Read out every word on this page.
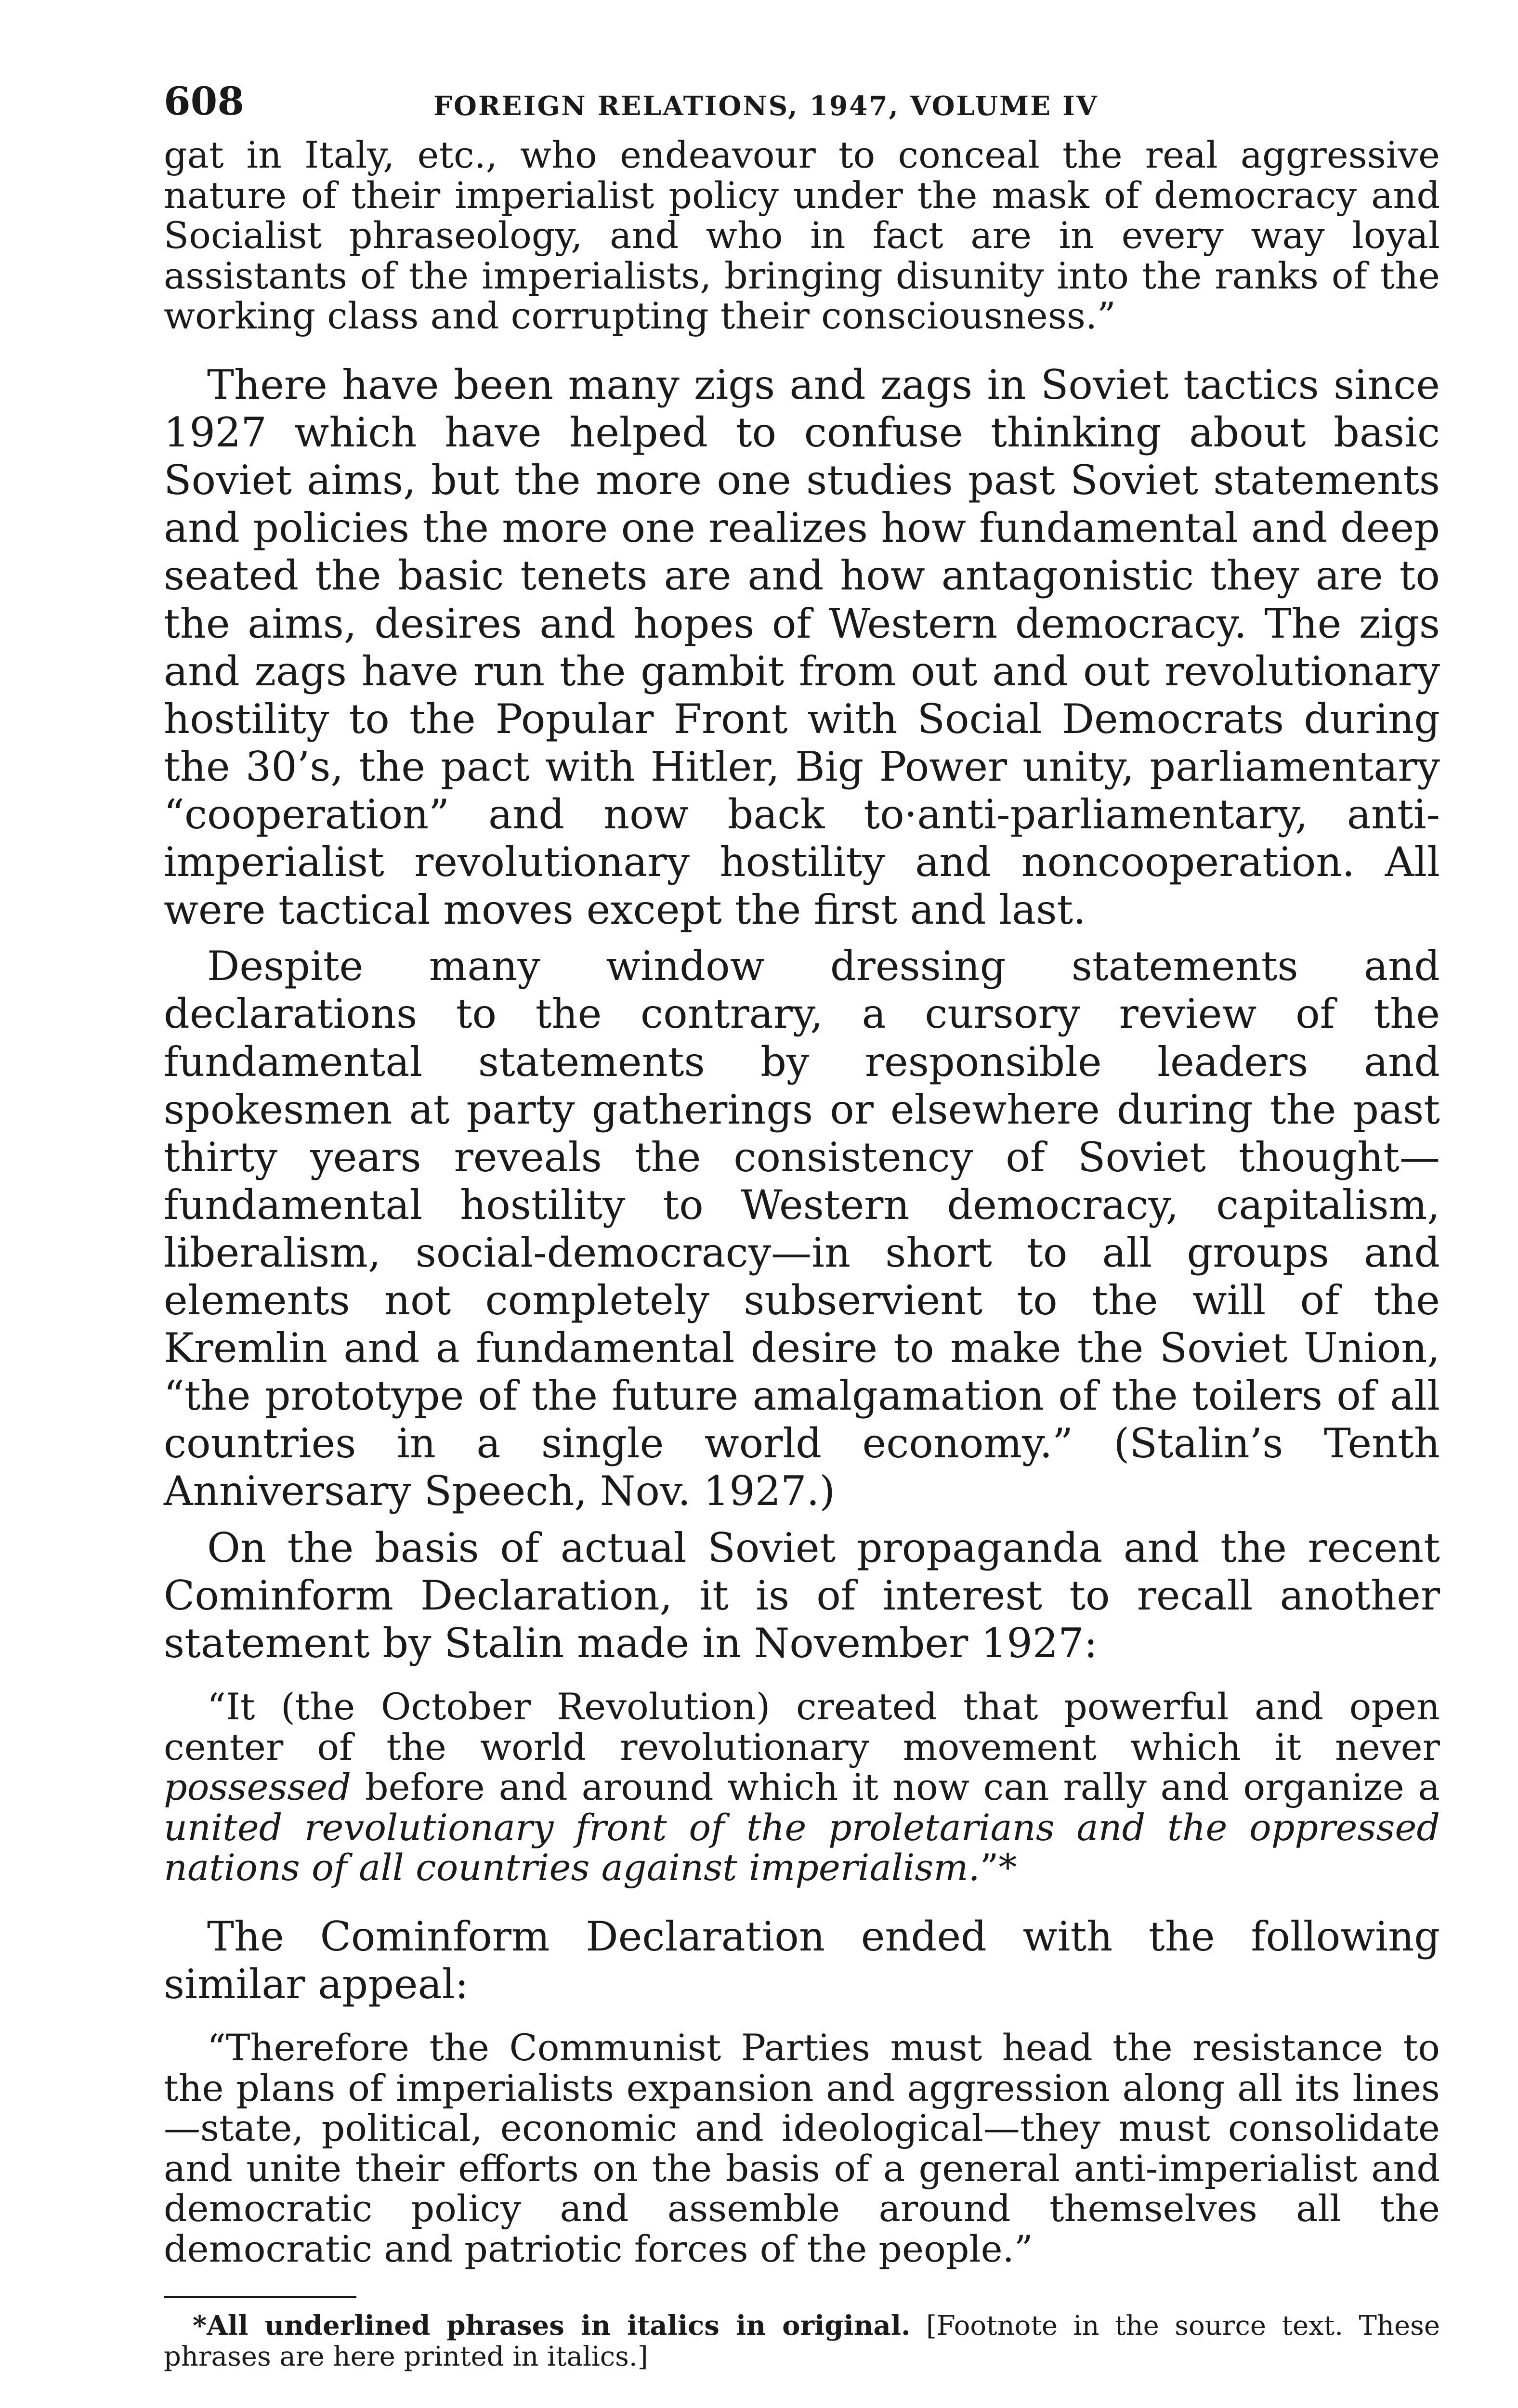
608	FOREIGN RELATIONS, 1947, VOLUME IV

gat in Italy, etc., who endeavour to conceal the real aggressive nature of their imperialist policy under the mask of democracy and Socialist phraseology, and who in fact are in every way loyal assistants of the imperialists, bringing disunity into the ranks of the working class and corrupting their consciousness.”

There have been many zigs and zags in Soviet tactics since 1927 which have helped to confuse thinking about basic Soviet aims, but the more one studies past Soviet statements and policies the more one realizes how fundamental and deep seated the basic tenets are and how antagonistic they are to the aims, desires and hopes of Western democracy. The zigs and zags have run the gambit from out and out revolutionary hostility to the Popular Front with Social Democrats during the 30’s, the pact with Hitler, Big Power unity, parliamentary “cooperation” and now back to·anti-parliamentary, anti-imperialist revolutionary hostility and noncooperation. All were tactical moves except the first and last.

Despite many window dressing statements and declarations to the contrary, a cursory review of the fundamental statements by responsible leaders and spokesmen at party gatherings or elsewhere during the past thirty years reveals the consistency of Soviet thought—fundamental hostility to Western democracy, capitalism, liberalism, social-democracy—in short to all groups and elements not completely subservient to the will of the Kremlin and a fundamental desire to make the Soviet Union, “the prototype of the future amalgamation of the toilers of all countries in a single world economy.” (Stalin’s Tenth Anniversary Speech, Nov. 1927.)

On the basis of actual Soviet propaganda and the recent Cominform Declaration, it is of interest to recall another statement by Stalin made in November 1927:

“It (the October Revolution) created that powerful and open center of the world revolutionary movement which it never possessed before and around which it now can rally and organize a united revolutionary front of the proletarians and the oppressed nations of all countries against imperialism.”*

The Cominform Declaration ended with the following similar appeal:

“Therefore the Communist Parties must head the resistance to the plans of imperialists expansion and aggression along all its lines—state, political, economic and ideological—they must consolidate and unite their efforts on the basis of a general anti-imperialist and democratic policy and assemble around themselves all the democratic and patriotic forces of the people.”

*All underlined phrases in italics in original. [Footnote in the source text. These phrases are here printed in italics.]
